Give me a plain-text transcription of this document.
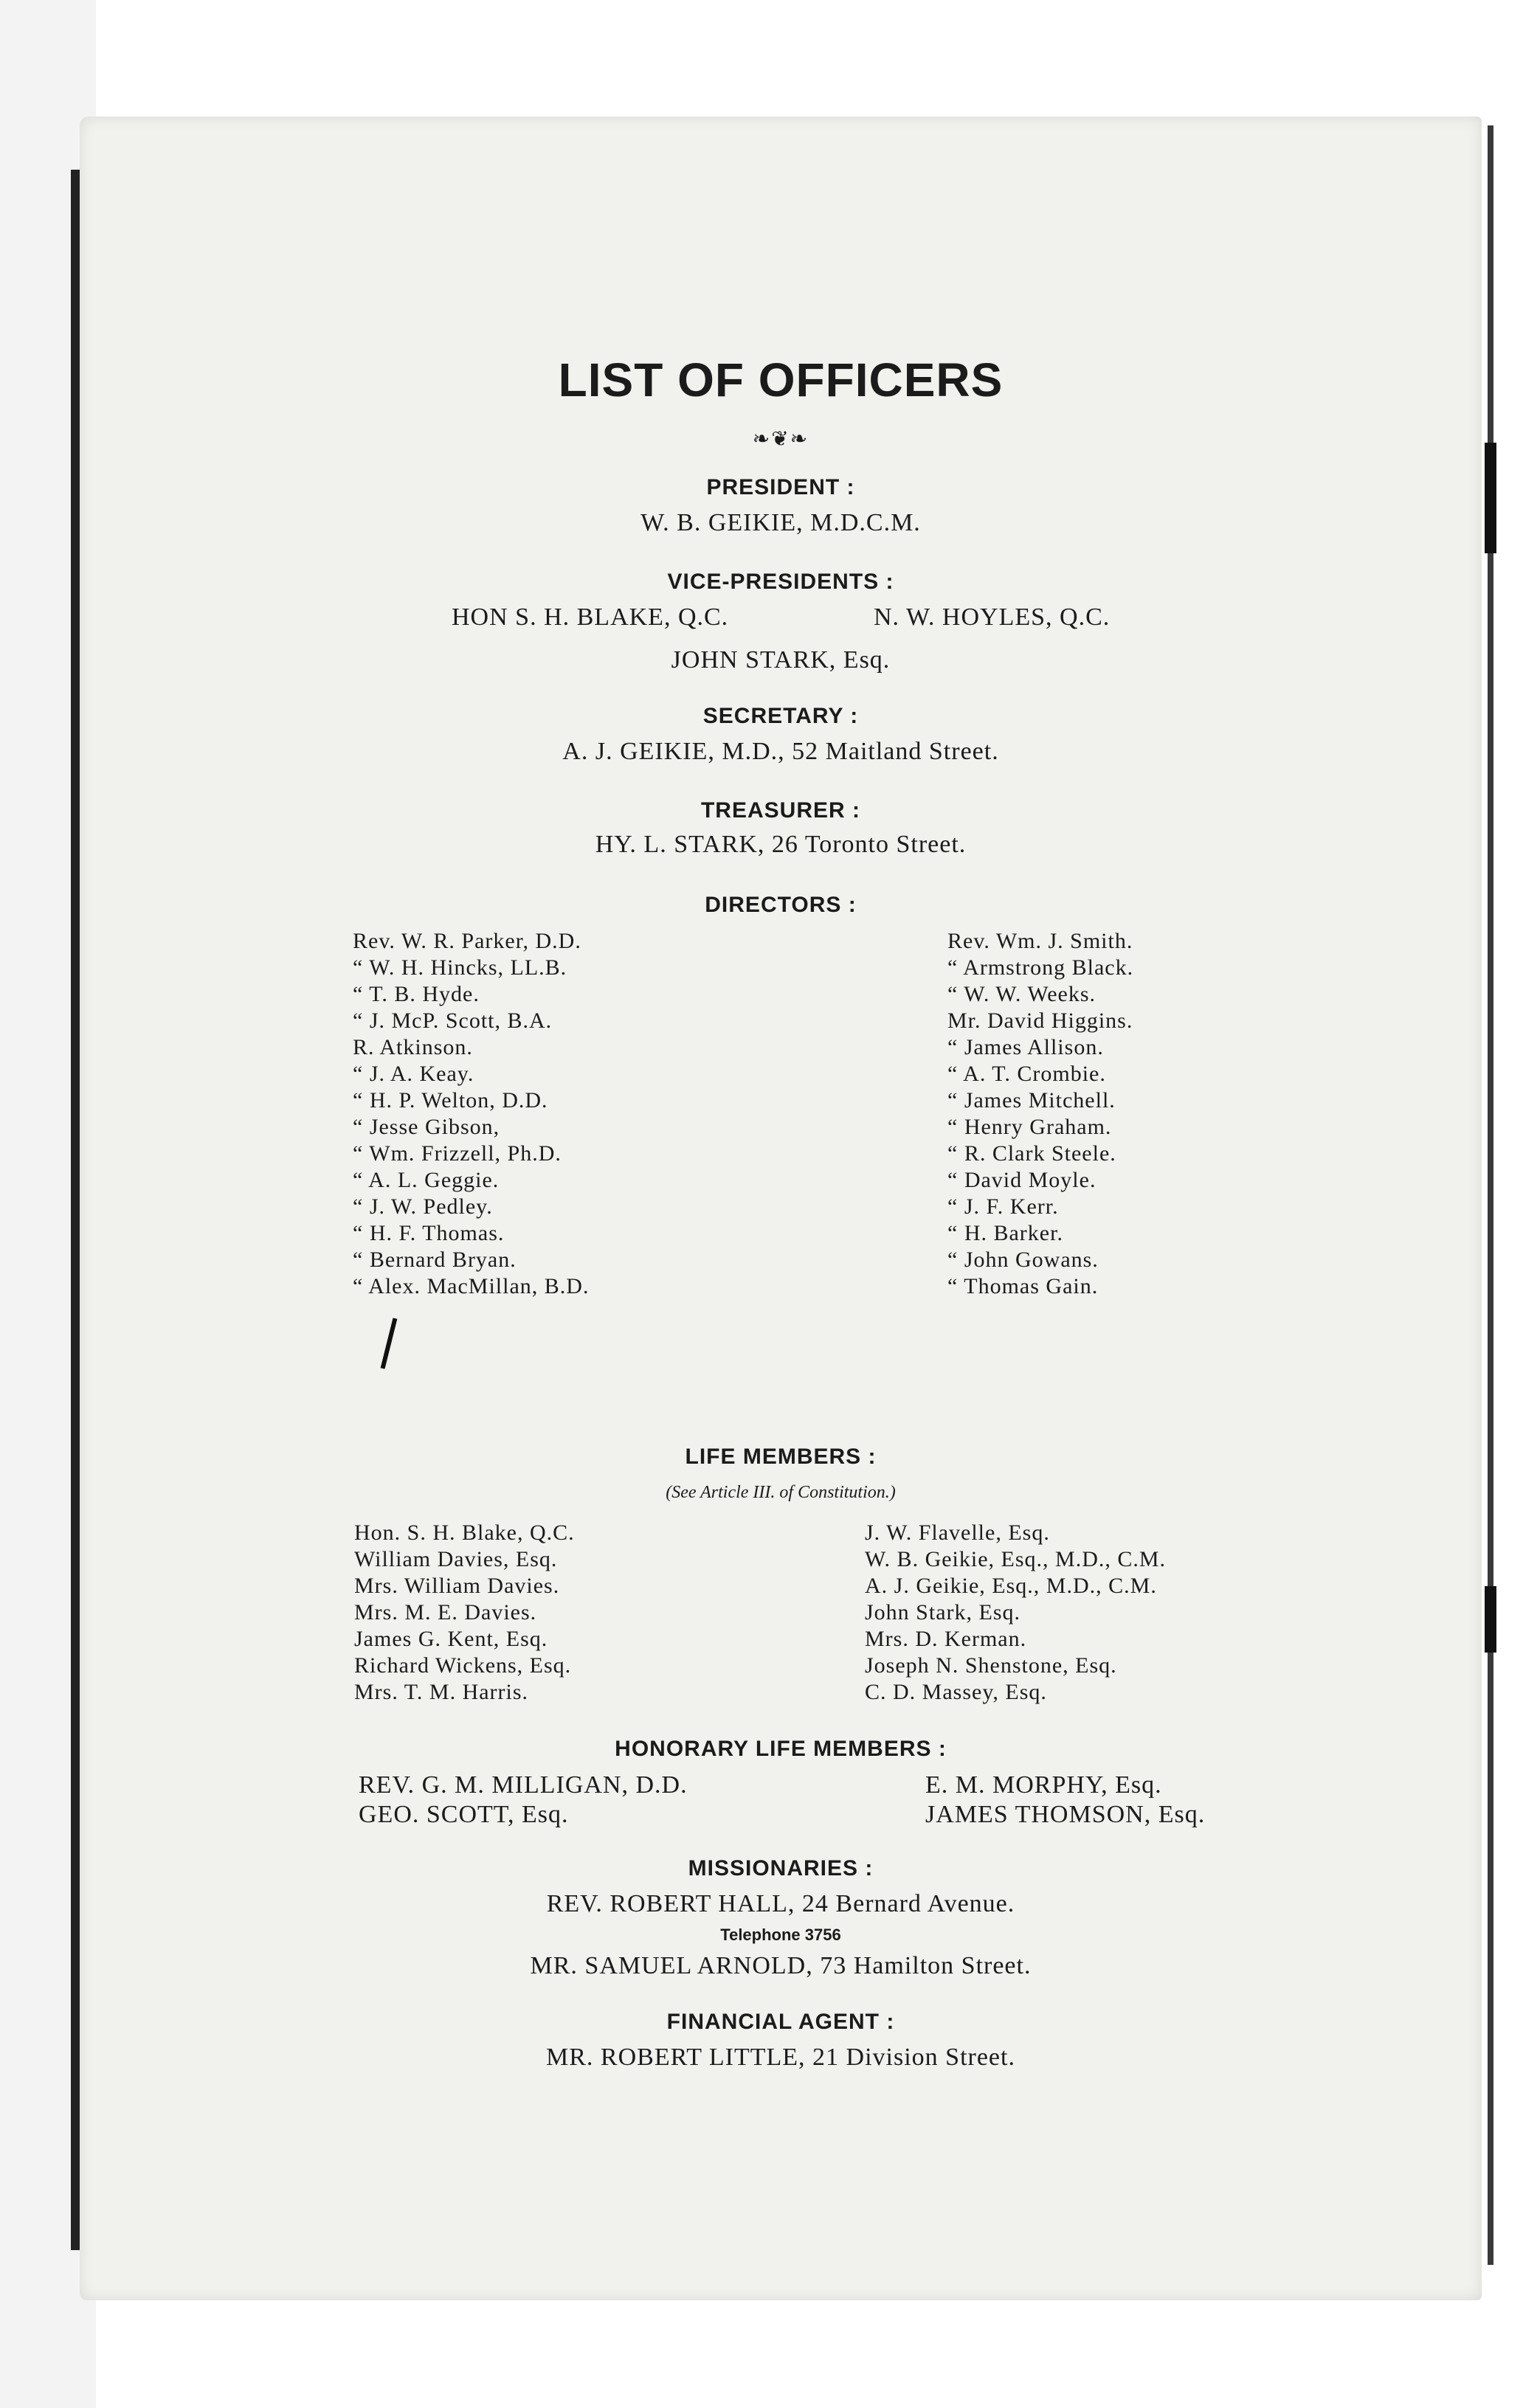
LIST OF OFFICERS
❧❦❧
PRESIDENT :
W. B. GEIKIE, M.D.C.M.
VICE-PRESIDENTS :
HON S. H. BLAKE, Q.C.	N. W. HOYLES, Q.C.
JOHN STARK, Esq.
SECRETARY :
A. J. GEIKIE, M.D., 52 Maitland Street.
TREASURER :
HY. L. STARK, 26 Toronto Street.
DIRECTORS :
Rev. W. R. Parker, D.D.
“ W. H. Hincks, LL.B.
“ T. B. Hyde.
“ J. McP. Scott, B.A.
R. Atkinson.
“ J. A. Keay.
“ H. P. Welton, D.D.
“ Jesse Gibson,
“ Wm. Frizzell, Ph.D.
“ A. L. Geggie.
“ J. W. Pedley.
“ H. F. Thomas.
“ Bernard Bryan.
“ Alex. MacMillan, B.D.
Rev. Wm. J. Smith.
“ Armstrong Black.
“ W. W. Weeks.
Mr. David Higgins.
“ James Allison.
“ A. T. Crombie.
“ James Mitchell.
“ Henry Graham.
“ R. Clark Steele.
“ David Moyle.
“ J. F. Kerr.
“ H. Barker.
“ John Gowans.
“ Thomas Gain.
LIFE MEMBERS :
(See Article III. of Constitution.)
Hon. S. H. Blake, Q.C.
William Davies, Esq.
Mrs. William Davies.
Mrs. M. E. Davies.
James G. Kent, Esq.
Richard Wickens, Esq.
Mrs. T. M. Harris.
J. W. Flavelle, Esq.
W. B. Geikie, Esq., M.D., C.M.
A. J. Geikie, Esq., M.D., C.M.
John Stark, Esq.
Mrs. D. Kerman.
Joseph N. Shenstone, Esq.
C. D. Massey, Esq.
HONORARY LIFE MEMBERS :
REV. G. M. MILLIGAN, D.D.
GEO. SCOTT, Esq.
E. M. MORPHY, Esq.
JAMES THOMSON, Esq.
MISSIONARIES :
REV. ROBERT HALL, 24 Bernard Avenue.
Telephone 3756
MR. SAMUEL ARNOLD, 73 Hamilton Street.
FINANCIAL AGENT :
MR. ROBERT LITTLE, 21 Division Street.
